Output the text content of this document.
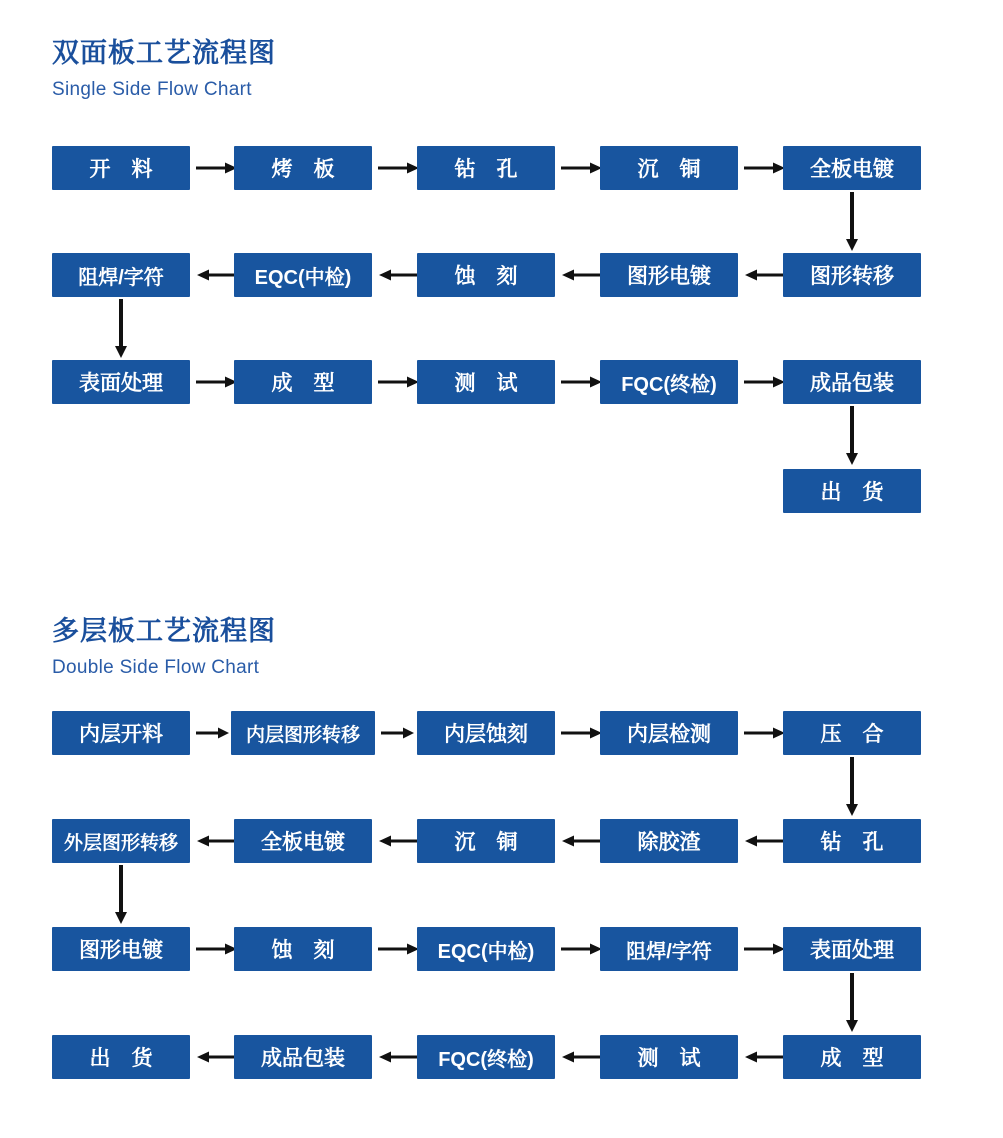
双面板工艺流程图
Single Side Flow Chart
开　料	烤　板	钻　孔	沉　铜	全板电镀
阻焊/字符	EQC(中检)	蚀　刻	图形电镀	图形转移
表面处理	成　型	测　试	FQC(终检)	成品包装
出　货
多层板工艺流程图
Double Side Flow Chart
内层开料	内层图形转移	内层蚀刻	内层检测	压　合
外层图形转移	全板电镀	沉　铜	除胶渣	钻　孔
图形电镀	蚀　刻	EQC(中检)	阻焊/字符	表面处理
出　货	成品包装	FQC(终检)	测　试	成　型
